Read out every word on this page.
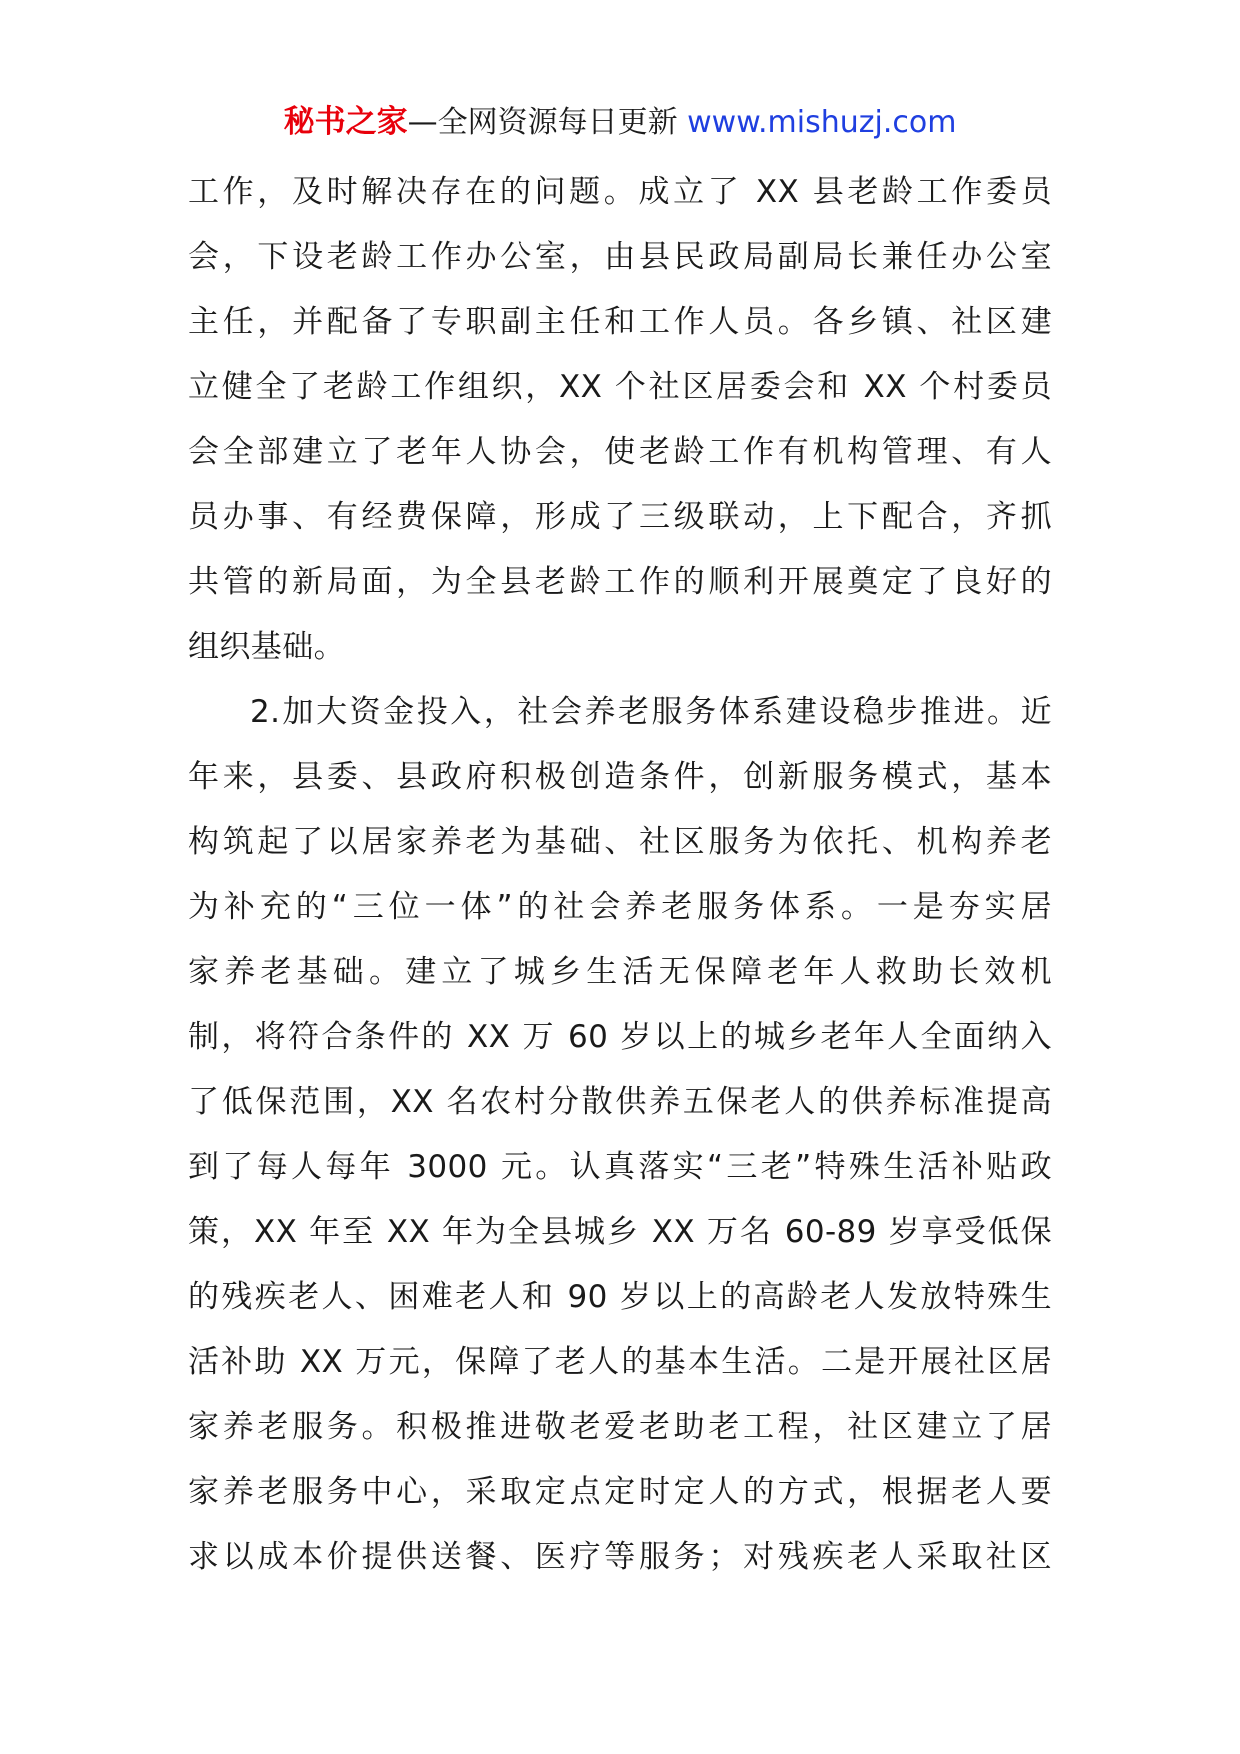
秘书之家—全网资源每日更新 www.mishuzj.com

工作，及时解决存在的问题。成立了 XX 县老龄工作委员

会，下设老龄工作办公室，由县民政局副局长兼任办公室

主任，并配备了专职副主任和工作人员。各乡镇、社区建

立健全了老龄工作组织，XX 个社区居委会和 XX 个村委员

会全部建立了老年人协会，使老龄工作有机构管理、有人

员办事、有经费保障，形成了三级联动，上下配合，齐抓

共管的新局面，为全县老龄工作的顺利开展奠定了良好的

组织基础。

2.加大资金投入，社会养老服务体系建设稳步推进。近

年来，县委、县政府积极创造条件，创新服务模式，基本

构筑起了以居家养老为基础、社区服务为依托、机构养老

为补充的“三位一体”的社会养老服务体系。一是夯实居

家养老基础。建立了城乡生活无保障老年人救助长效机

制，将符合条件的 XX 万 60 岁以上的城乡老年人全面纳入

了低保范围，XX 名农村分散供养五保老人的供养标准提高

到了每人每年 3000 元。认真落实“三老”特殊生活补贴政

策，XX 年至 XX 年为全县城乡 XX 万名 60-89 岁享受低保

的残疾老人、困难老人和 90 岁以上的高龄老人发放特殊生

活补助 XX 万元，保障了老人的基本生活。二是开展社区居

家养老服务。积极推进敬老爱老助老工程，社区建立了居

家养老服务中心，采取定点定时定人的方式，根据老人要

求以成本价提供送餐、医疗等服务；对残疾老人采取社区
